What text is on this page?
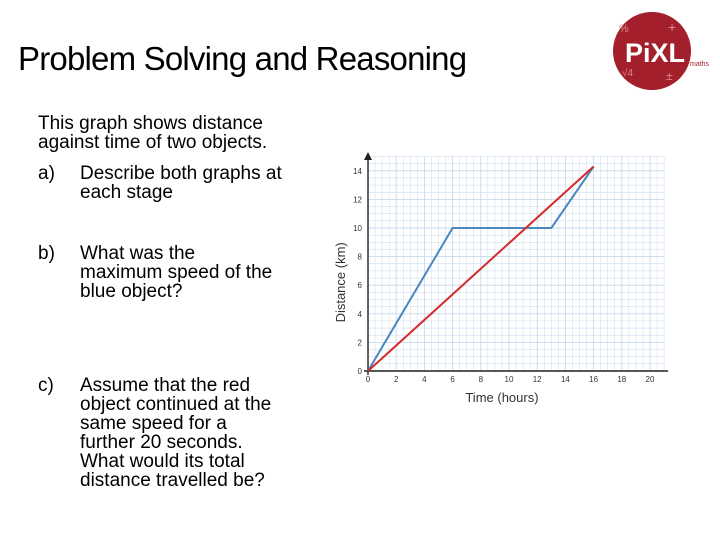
Problem Solving and Reasoning
%	+
√4	±
PiXL maths
This graph shows distance
against time of two objects.
a)	Describe both graphs at
each stage
b)	What was the
maximum speed of the
blue object?
c)	Assume that the red
object continued at the
same speed for a
further 20 seconds.
What would its total
distance travelled be?
0	2	4	6	8	10 12 14 16 18 20
0
2
4
6
8
10
12
14
Time (hours)
Distance (km)
